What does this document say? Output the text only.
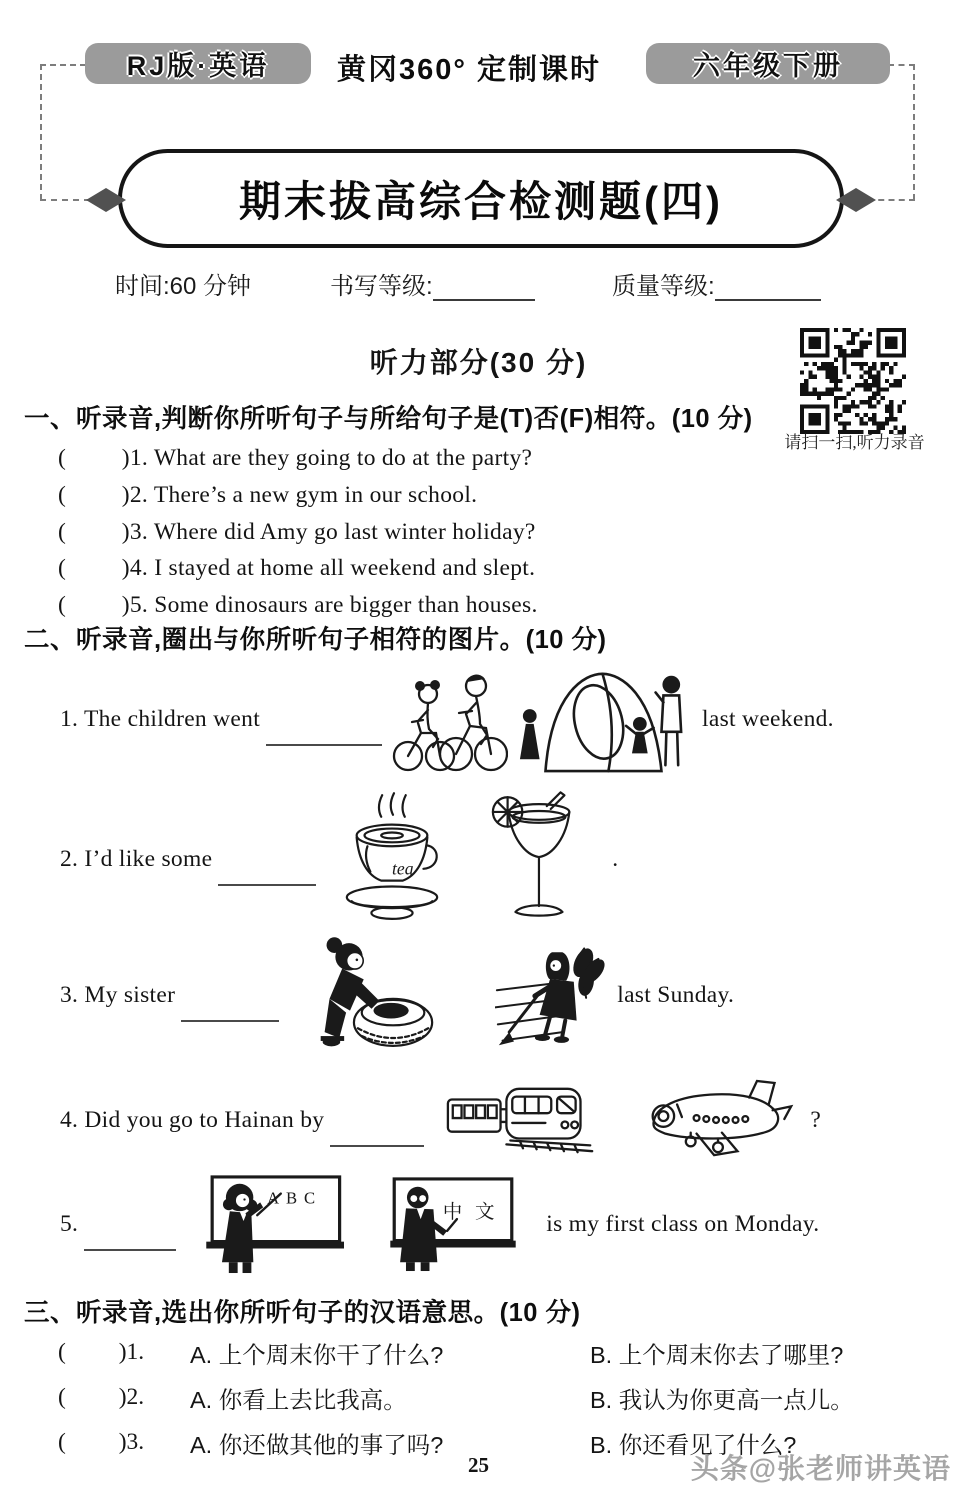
RJ版·英语 黄冈360° 定制课时	六年级下册
期末拔高综合检测题(四)
时间:60 分钟	书写等级:	质量等级:
听力部分(30 分)
请扫一扫,听力录音
一、听录音,判断你所听句子与所给句子是(T)否(F)相符。(10 分)
(         )1. What are they going to do at the party?
(         )2. There’s a new gym in our school.
(         )3. Where did Amy go last winter holiday?
(         )4. I stayed at home all weekend and slept.
(         )5. Some dinosaurs are bigger than houses.
二、听录音,圈出与你所听句子相符的图片。(10 分)
1. The children went	last weekend.
2. I’d like some	tea	.
3. My sister	last Sunday.
4. Did you go to Hainan by	?
5.
ABC
中 文 is my first class on Monday.
三、听录音,选出你所听句子的汉语意思。(10 分)
(         )1.	A. 上个周末你干了什么?	B. 上个周末你去了哪里?
(         )2.	A. 你看上去比我高。	B. 我认为你更高一点儿。
(         )3.	A. 你还做其他的事了吗?	B. 你还看见了什么?
25	头条@张老师讲英语
